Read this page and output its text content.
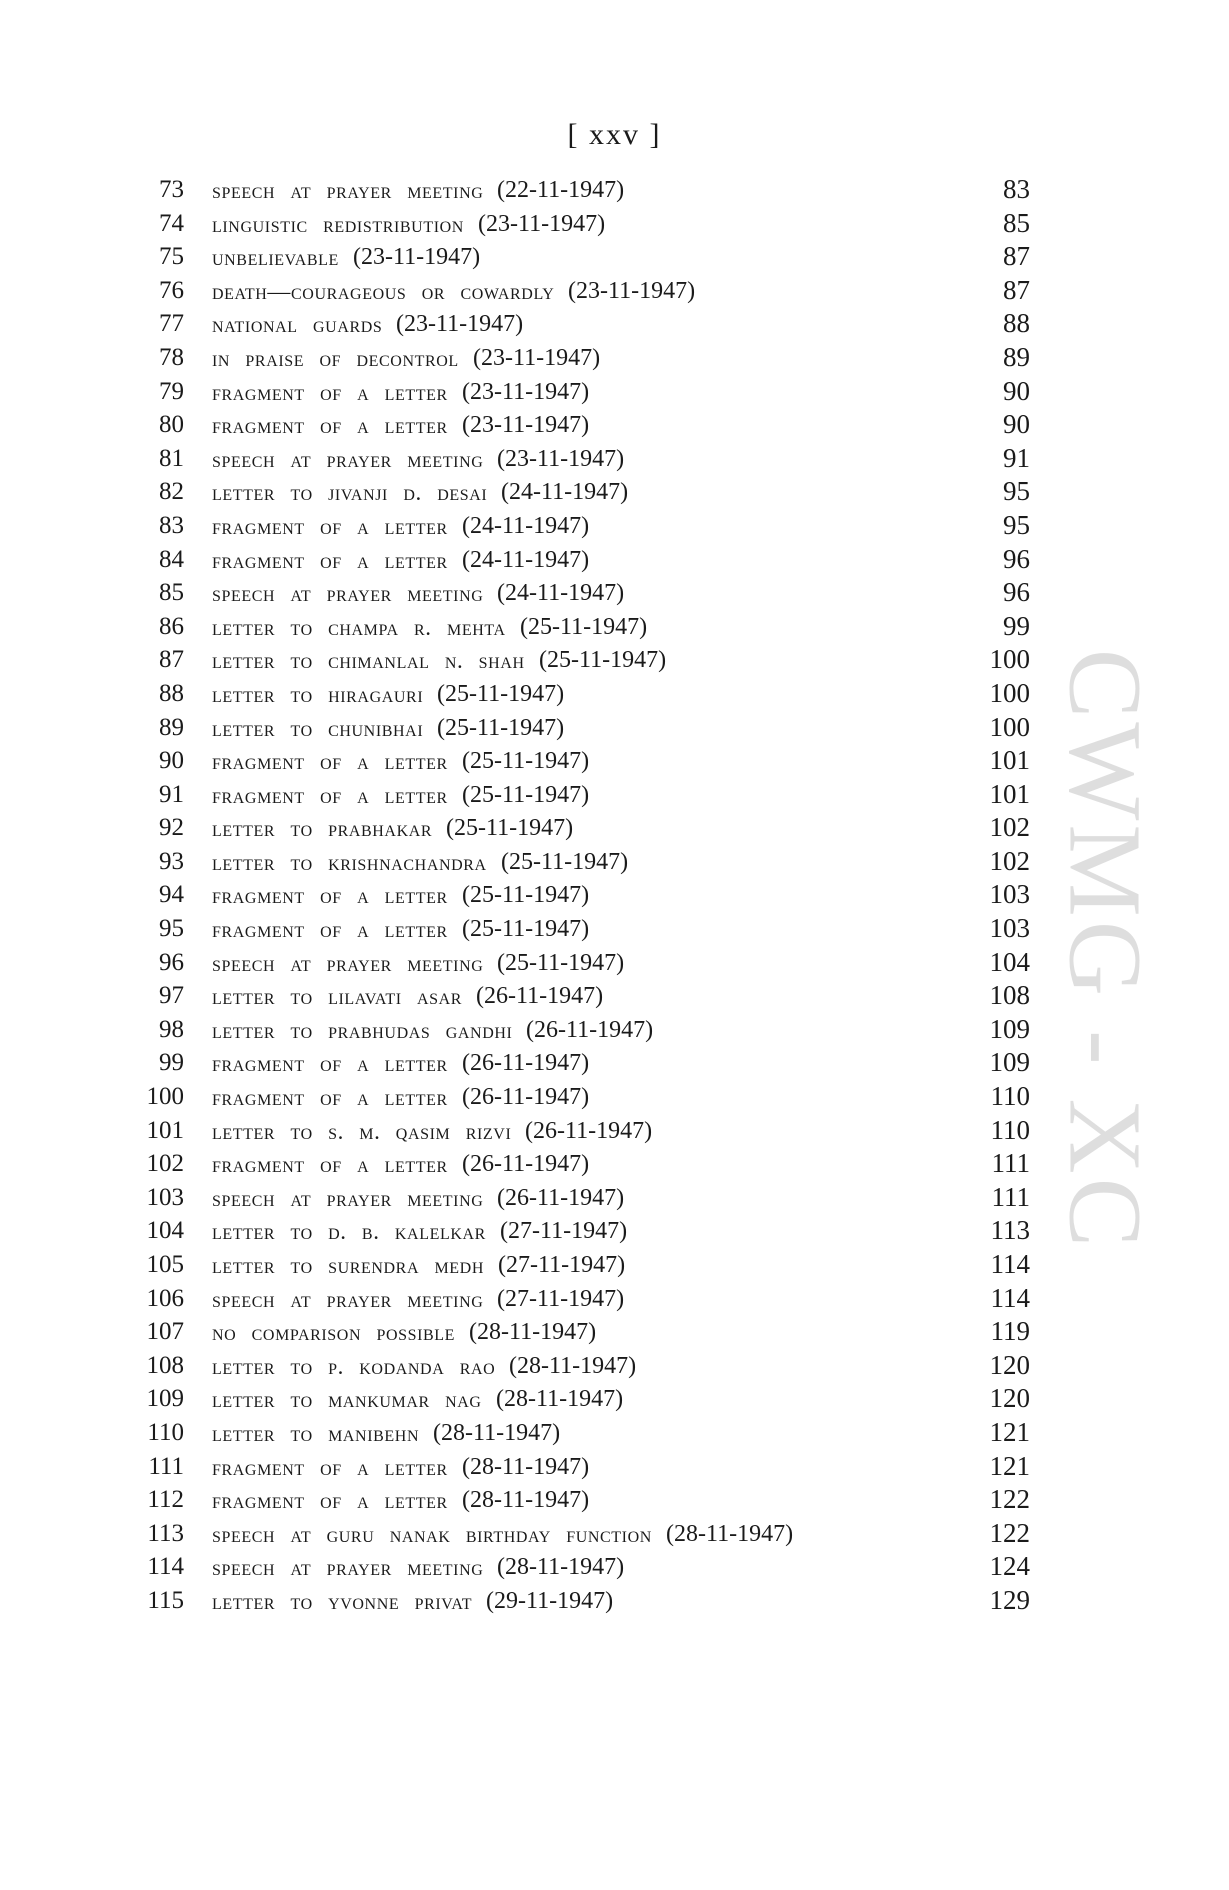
[ xxv ]
CWMG - XC
73 speech at prayer meeting (22-11-1947)	83
74 linguistic redistribution (23-11-1947)	85
75 unbelievable (23-11-1947)	87
76 death—courageous or cowardly (23-11-1947)	87
77 national guards (23-11-1947)	88
78 in praise of decontrol (23-11-1947)	89
79 fragment of a letter (23-11-1947)	90
80 fragment of a letter (23-11-1947)	90
81 speech at prayer meeting (23-11-1947)	91
82 letter to jivanji d. desai (24-11-1947)	95
83 fragment of a letter (24-11-1947)	95
84 fragment of a letter (24-11-1947)	96
85 speech at prayer meeting (24-11-1947)	96
86 letter to champa r. mehta (25-11-1947)	99
87 letter to chimanlal n. shah (25-11-1947)	100
88 letter to hiragauri (25-11-1947)	100
89 letter to chunibhai (25-11-1947)	100
90 fragment of a letter (25-11-1947)	101
91 fragment of a letter (25-11-1947)	101
92 letter to prabhakar (25-11-1947)	102
93 letter to krishnachandra (25-11-1947)	102
94 fragment of a letter (25-11-1947)	103
95 fragment of a letter (25-11-1947)	103
96 speech at prayer meeting (25-11-1947)	104
97 letter to lilavati asar (26-11-1947)	108
98 letter to prabhudas gandhi (26-11-1947)	109
99 fragment of a letter (26-11-1947)	109
100 fragment of a letter (26-11-1947)	110
101 letter to s. m. qasim rizvi (26-11-1947)	110
102 fragment of a letter (26-11-1947)	111
103 speech at prayer meeting (26-11-1947)	111
104 letter to d. b. kalelkar (27-11-1947)	113
105 letter to surendra medh (27-11-1947)	114
106 speech at prayer meeting (27-11-1947)	114
107 no comparison possible (28-11-1947)	119
108 letter to p. kodanda rao (28-11-1947)	120
109 letter to mankumar nag (28-11-1947)	120
110 letter to manibehn (28-11-1947)	121
111 fragment of a letter (28-11-1947)	121
112 fragment of a letter (28-11-1947)	122
113 speech at guru nanak birthday function (28-11-1947)	122
114 speech at prayer meeting (28-11-1947)	124
115 letter to yvonne privat (29-11-1947)	129
